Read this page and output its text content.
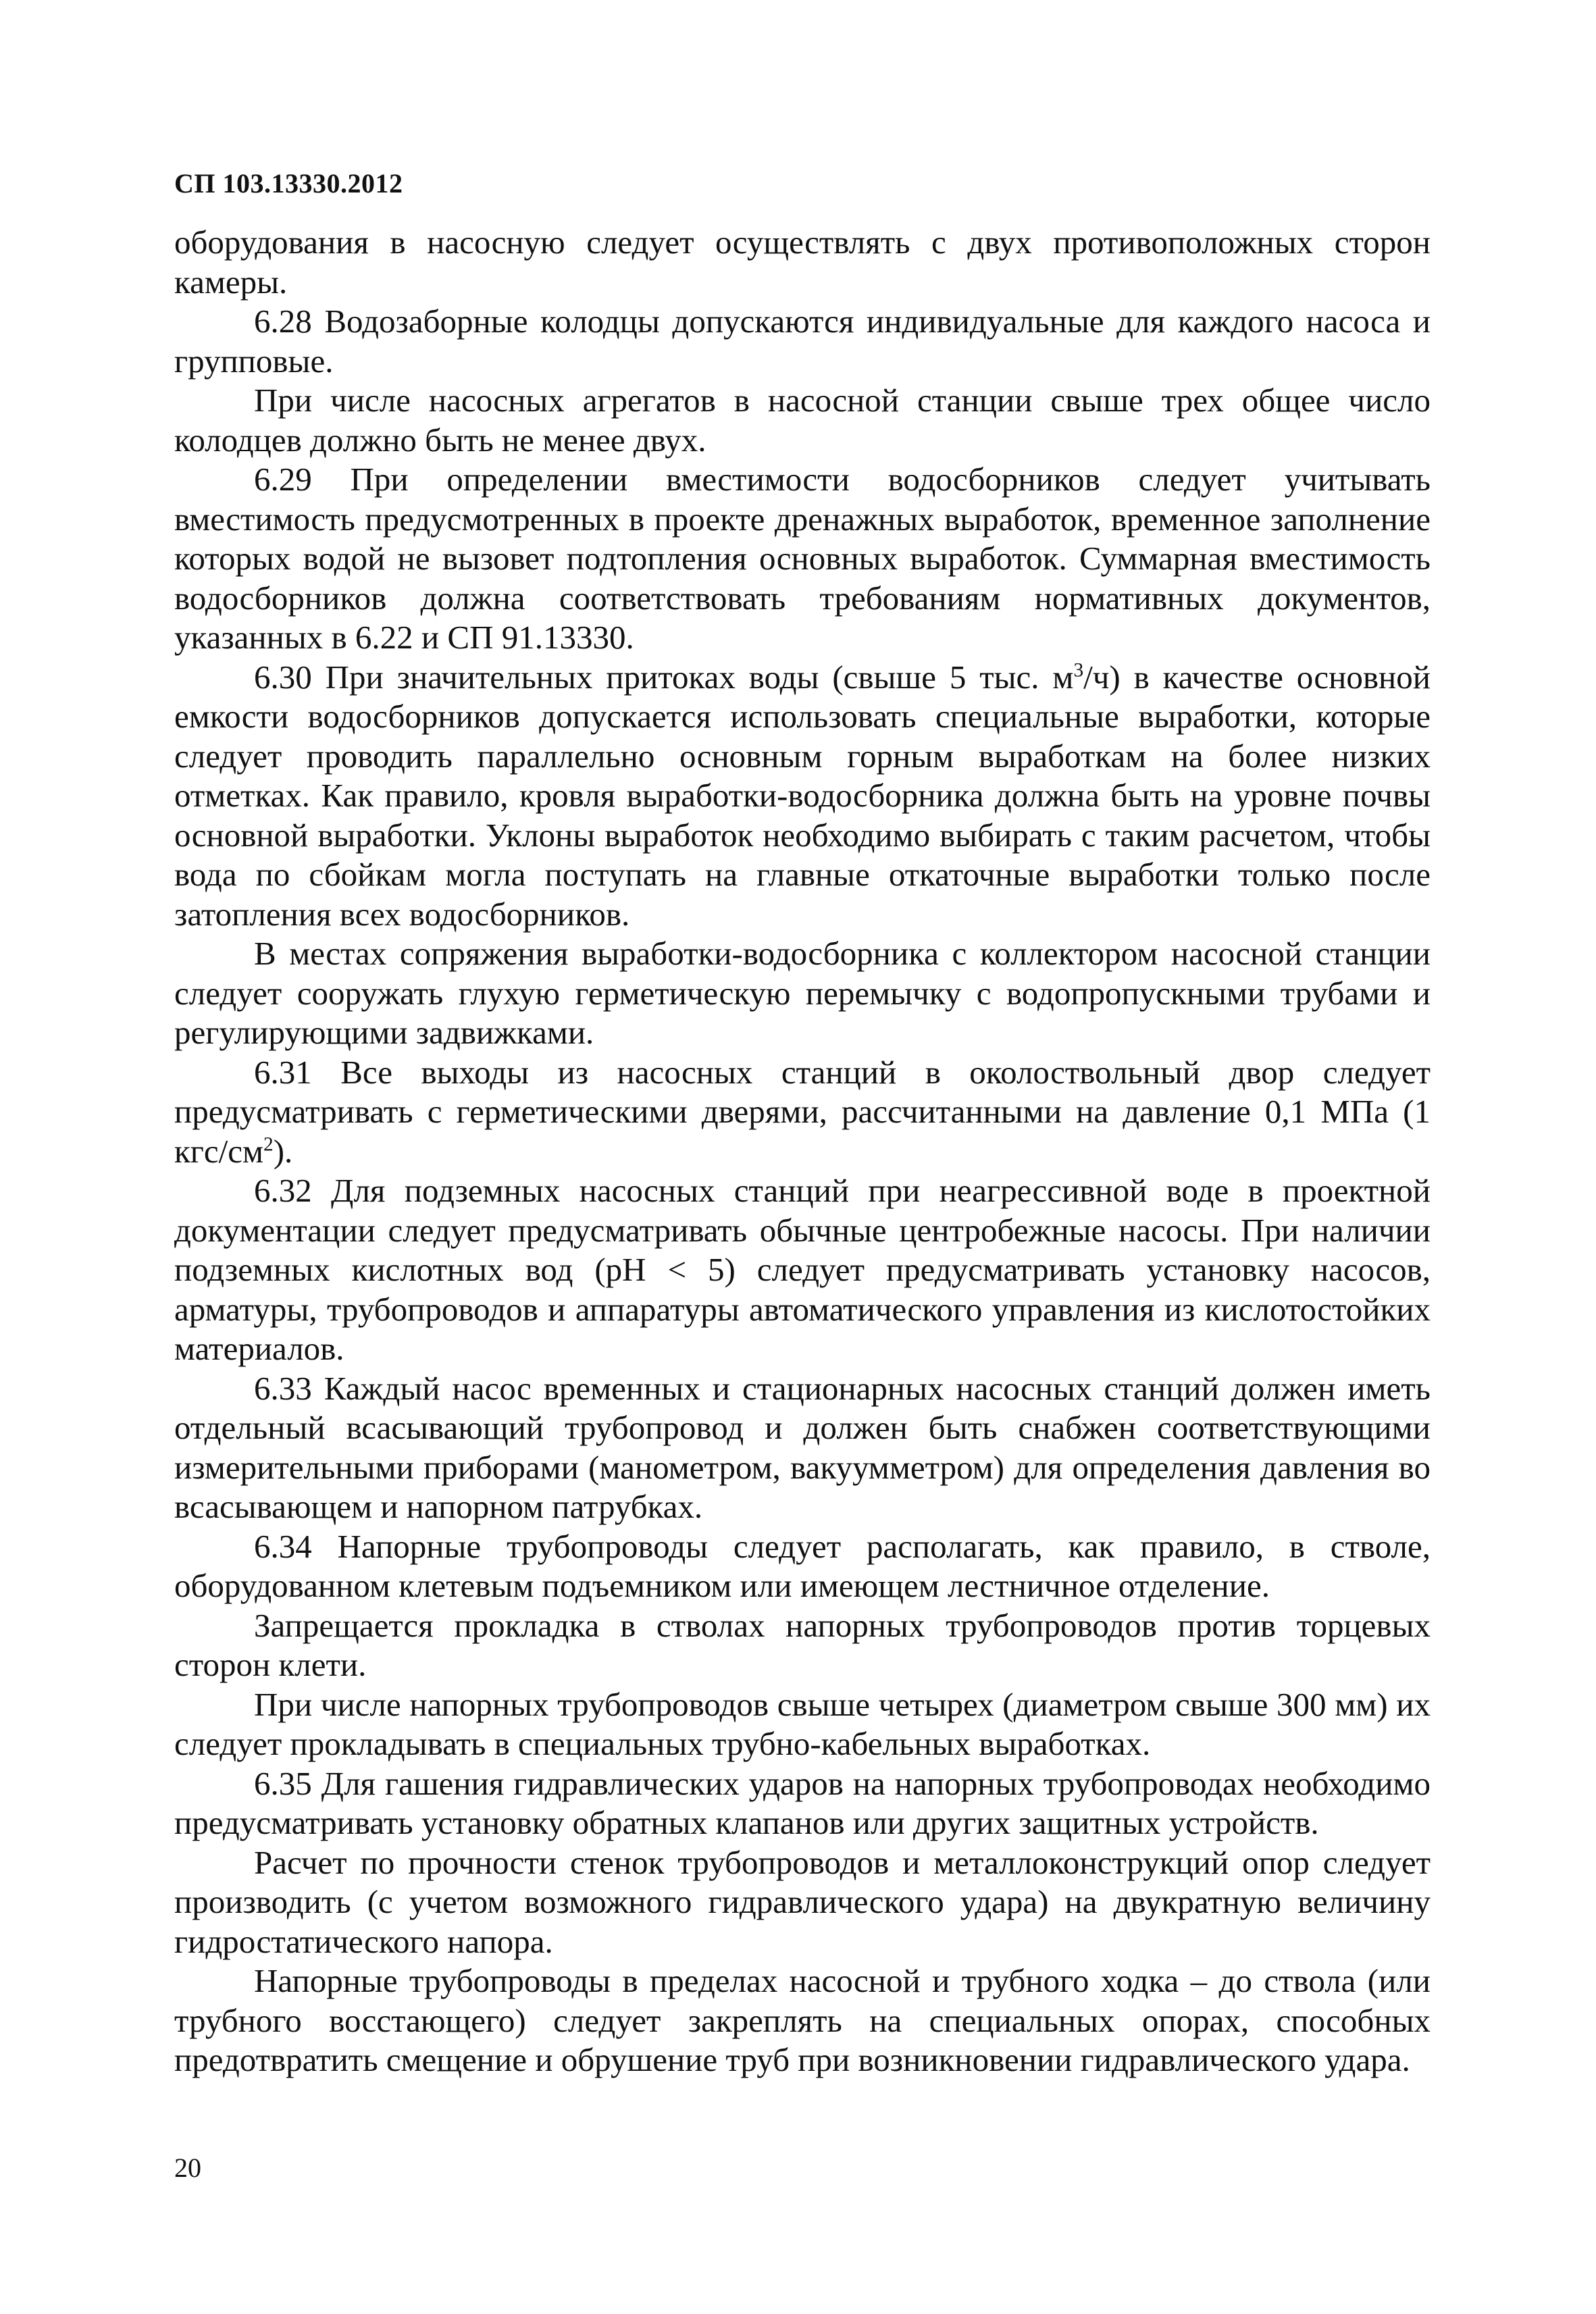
СП 103.13330.2012

оборудования в насосную следует осуществлять с двух противоположных сторон камеры.

6.28 Водозаборные колодцы допускаются индивидуальные для каждого насоса и групповые.

При числе насосных агрегатов в насосной станции свыше трех общее число колодцев должно быть не менее двух.

6.29 При определении вместимости водосборников следует учитывать вместимость предусмотренных в проекте дренажных выработок, временное заполнение которых водой не вызовет подтопления основных выработок. Суммарная вместимость водосборников должна соответствовать требованиям нормативных документов, указанных в 6.22 и СП 91.13330.

6.30 При значительных притоках воды (свыше 5 тыс. $м^3/ч$) в качестве основной емкости водосборников допускается использовать специальные выработки, которые следует проводить параллельно основным горным выработкам на более низких отметках. Как правило, кровля выработки-водосборника должна быть на уровне почвы основной выработки. Уклоны выработок необходимо выбирать с таким расчетом, чтобы вода по сбойкам могла поступать на главные откаточные выработки только после затопления всех водосборников.

В местах сопряжения выработки-водосборника с коллектором насосной станции следует сооружать глухую герметическую перемычку с водопропускными трубами и регулирующими задвижками.

6.31 Все выходы из насосных станций в околоствольный двор следует предусматривать с герметическими дверями, рассчитанными на давление 0,1 МПа (1 кгс/$см^2$).

6.32 Для подземных насосных станций при неагрессивной воде в проектной документации следует предусматривать обычные центробежные насосы. При наличии подземных кислотных вод (pH < 5) следует предусматривать установку насосов, арматуры, трубопроводов и аппаратуры автоматического управления из кислотостойких материалов.

6.33 Каждый насос временных и стационарных насосных станций должен иметь отдельный всасывающий трубопровод и должен быть снабжен соответствующими измерительными приборами (манометром, вакуумметром) для определения давления во всасывающем и напорном патрубках.

6.34 Напорные трубопроводы следует располагать, как правило, в стволе, оборудованном клетевым подъемником или имеющем лестничное отделение.

Запрещается прокладка в стволах напорных трубопроводов против торцевых сторон клети.

При числе напорных трубопроводов свыше четырех (диаметром свыше 300 мм) их следует прокладывать в специальных трубно-кабельных выработках.

6.35 Для гашения гидравлических ударов на напорных трубопроводах необходимо предусматривать установку обратных клапанов или других защитных устройств.

Расчет по прочности стенок трубопроводов и металлоконструкций опор следует производить (с учетом возможного гидравлического удара) на двукратную величину гидростатического напора.

Напорные трубопроводы в пределах насосной и трубного ходка – до ствола (или трубного восстающего) следует закреплять на специальных опорах, способных предотвратить смещение и обрушение труб при возникновении гидравлического удара.

20
